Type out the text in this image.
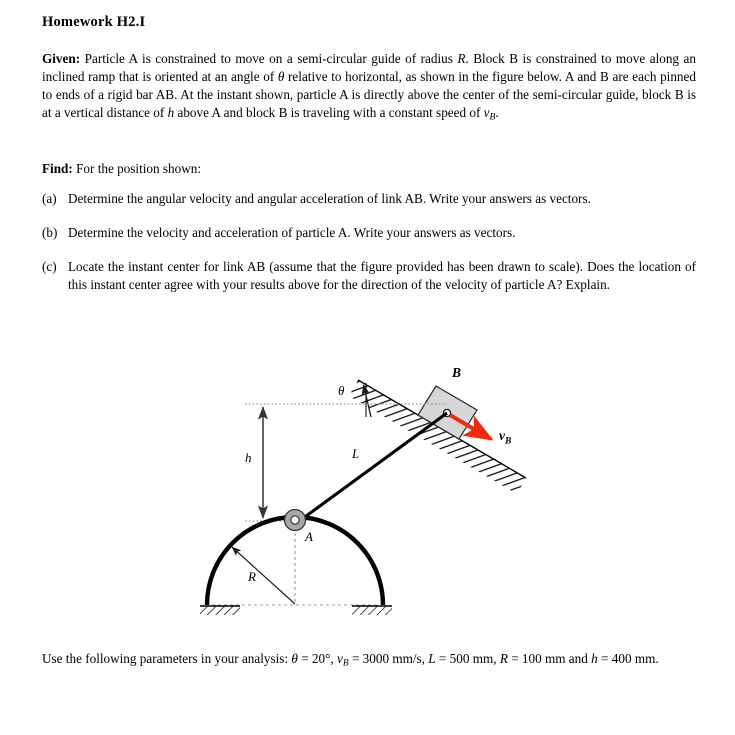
Homework H2.I
Given: Particle A is constrained to move on a semi-circular guide of radius R. Block B is constrained to move along an inclined ramp that is oriented at an angle of θ relative to horizontal, as shown in the figure below. A and B are each pinned to ends of a rigid bar AB. At the instant shown, particle A is directly above the center of the semi-circular guide, block B is at a vertical distance of h above A and block B is traveling with a constant speed of $v_B$.
Find: For the position shown:
(a) Determine the angular velocity and angular acceleration of link AB. Write your answers as vectors.
(b) Determine the velocity and acceleration of particle A. Write your answers as vectors.
(c) Locate the instant center for link AB (assume that the figure provided has been drawn to scale). Does the location of this instant center agree with your results above for the direction of the velocity of particle A? Explain.
θ
B
$v_B$
L
h
A
R
Use the following parameters in your analysis: θ = 20°, $v_B = 3000$ mm/s, L = 500 mm, R = 100 mm and h = 400 mm.
